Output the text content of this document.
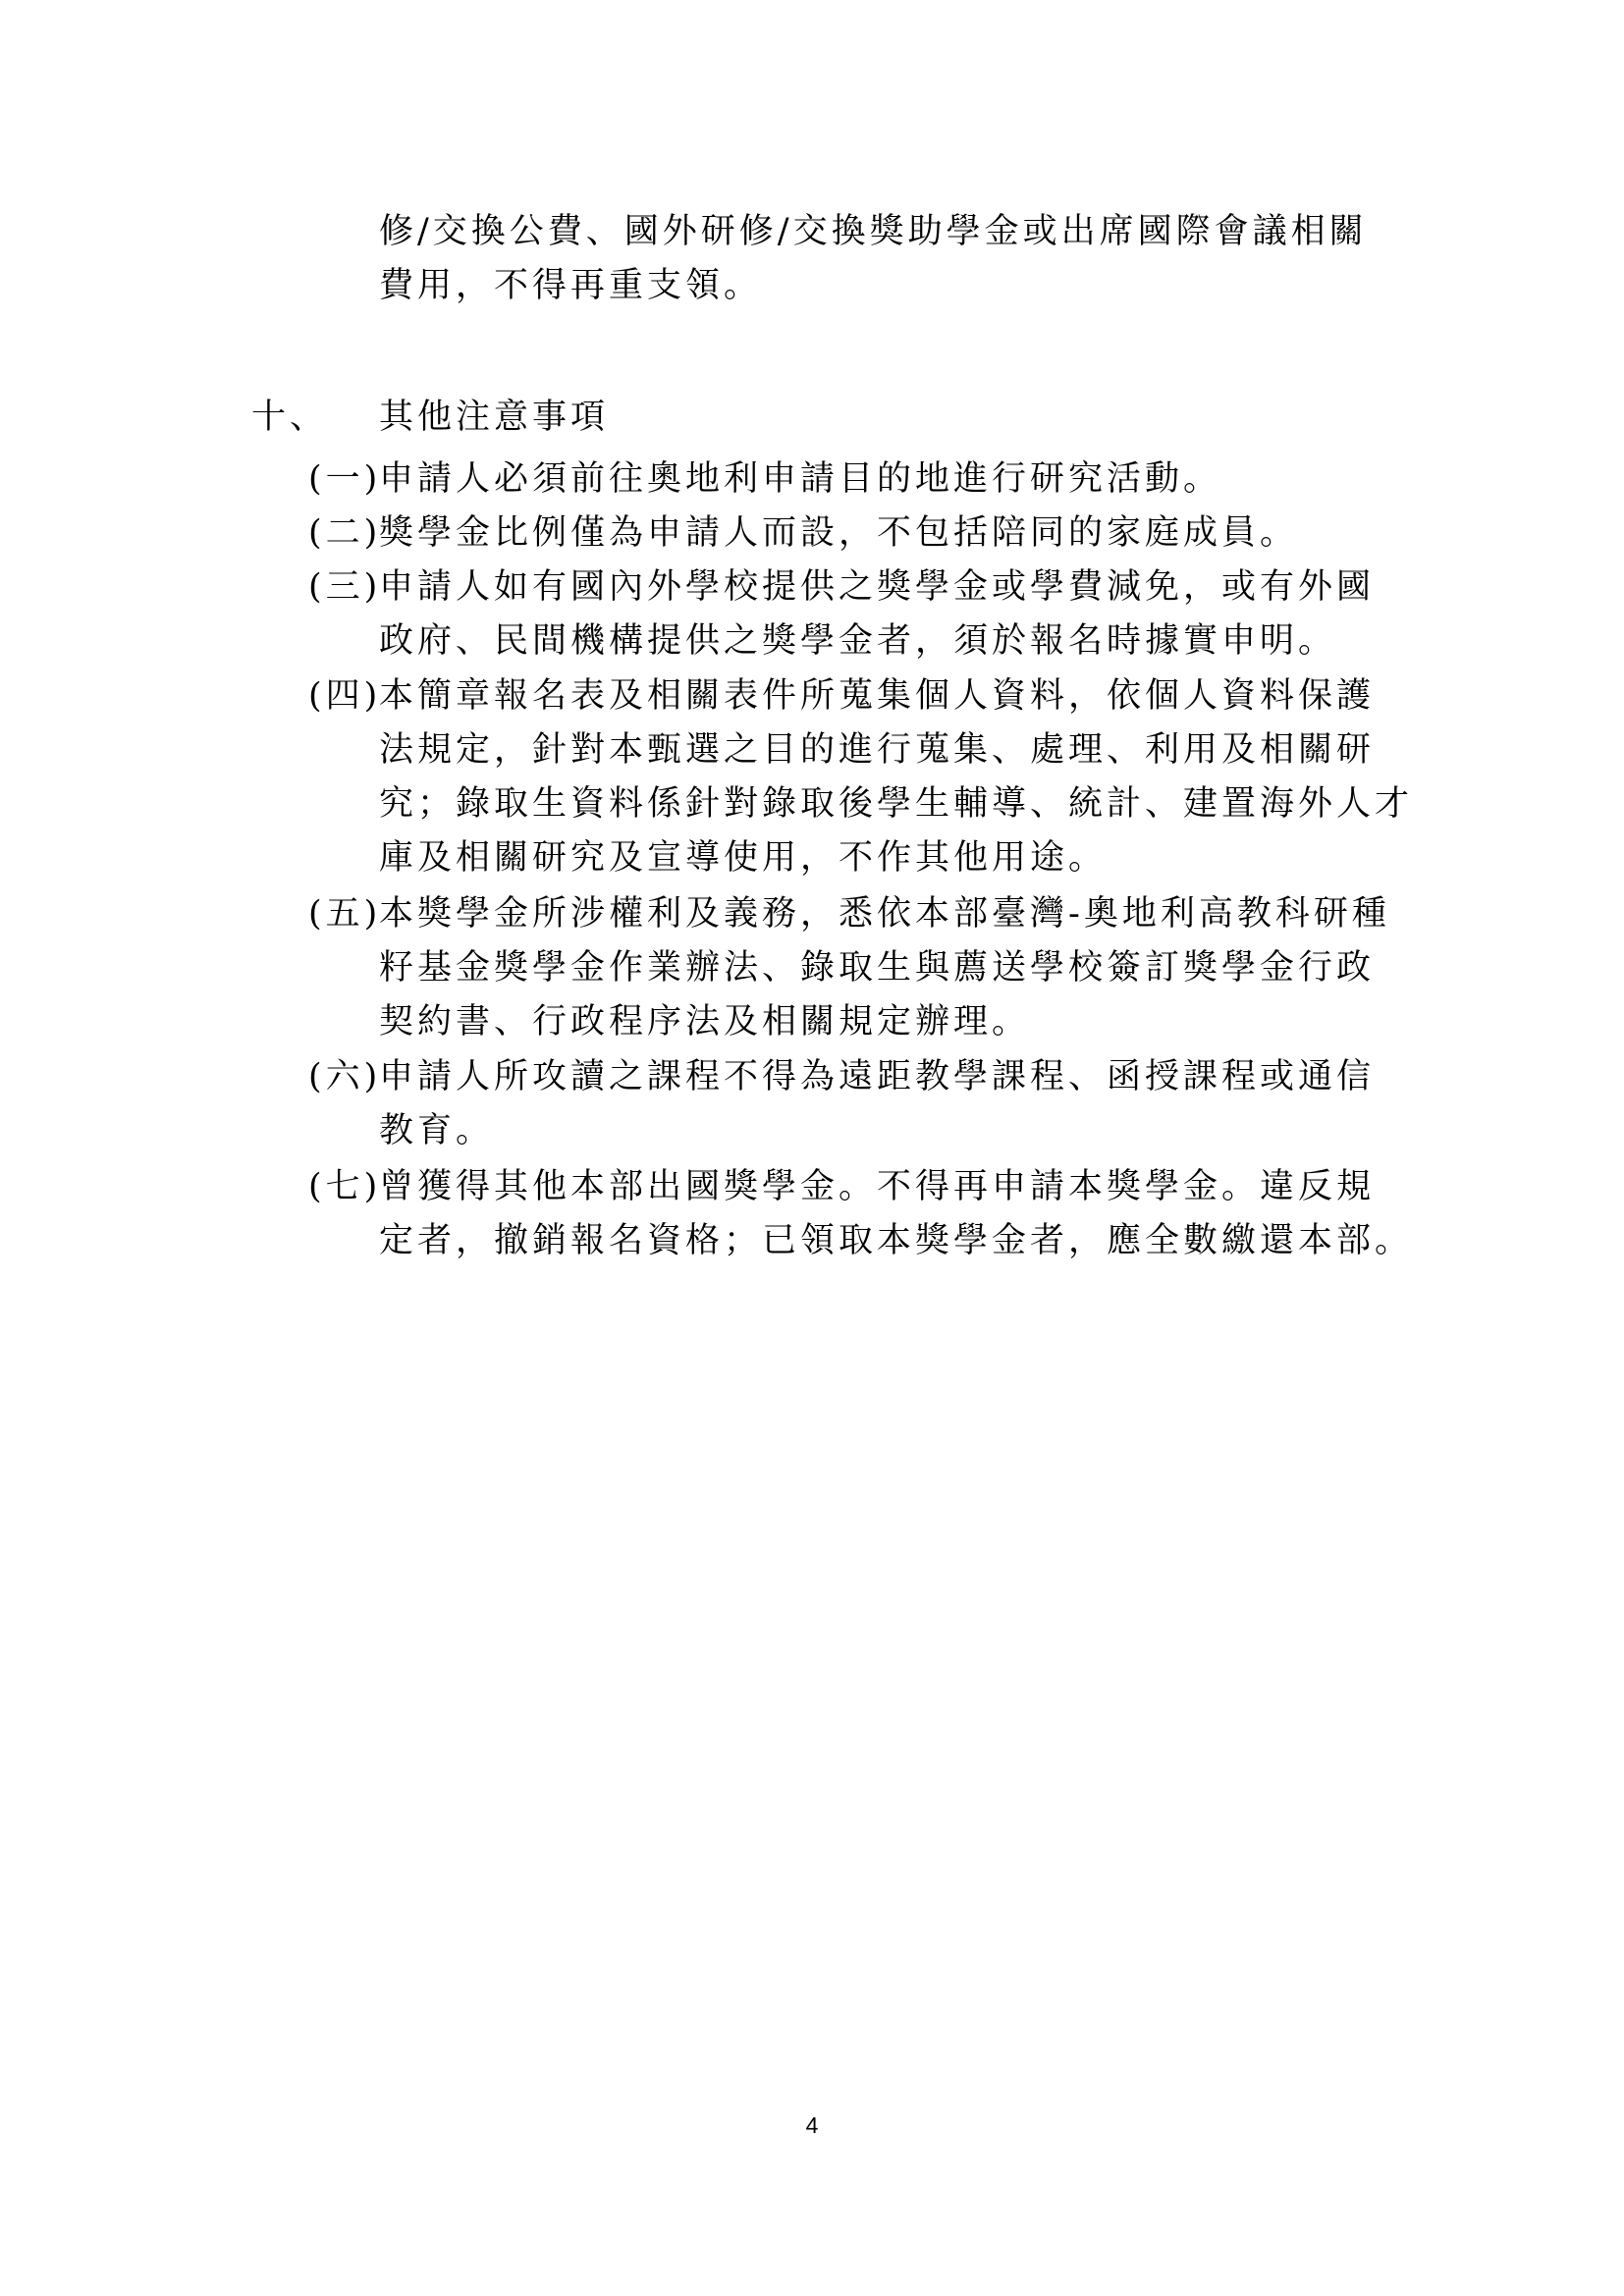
修/交換公費、國外研修/交換獎助學金或出席國際會議相關
費用，不得再重支領。
十、 其他注意事項
(一)
申請人必須前往奧地利申請目的地進行研究活動。
(二)
獎學金比例僅為申請人而設，不包括陪同的家庭成員。
(三)
申請人如有國內外學校提供之獎學金或學費減免，或有外國
政府、民間機構提供之獎學金者，須於報名時據實申明。
(四)
本簡章報名表及相關表件所蒐集個人資料，依個人資料保護
法規定，針對本甄選之目的進行蒐集、處理、利用及相關研
究；錄取生資料係針對錄取後學生輔導、統計、建置海外人才
庫及相關研究及宣導使用，不作其他用途。
(五)
本獎學金所涉權利及義務，悉依本部臺灣-奧地利高教科研種
籽基金獎學金作業辦法、錄取生與薦送學校簽訂獎學金行政
契約書、行政程序法及相關規定辦理。
(六)
申請人所攻讀之課程不得為遠距教學課程、函授課程或通信
教育。
(七)
曾獲得其他本部出國獎學金。不得再申請本獎學金。違反規
定者，撤銷報名資格；已領取本獎學金者，應全數繳還本部。
4
